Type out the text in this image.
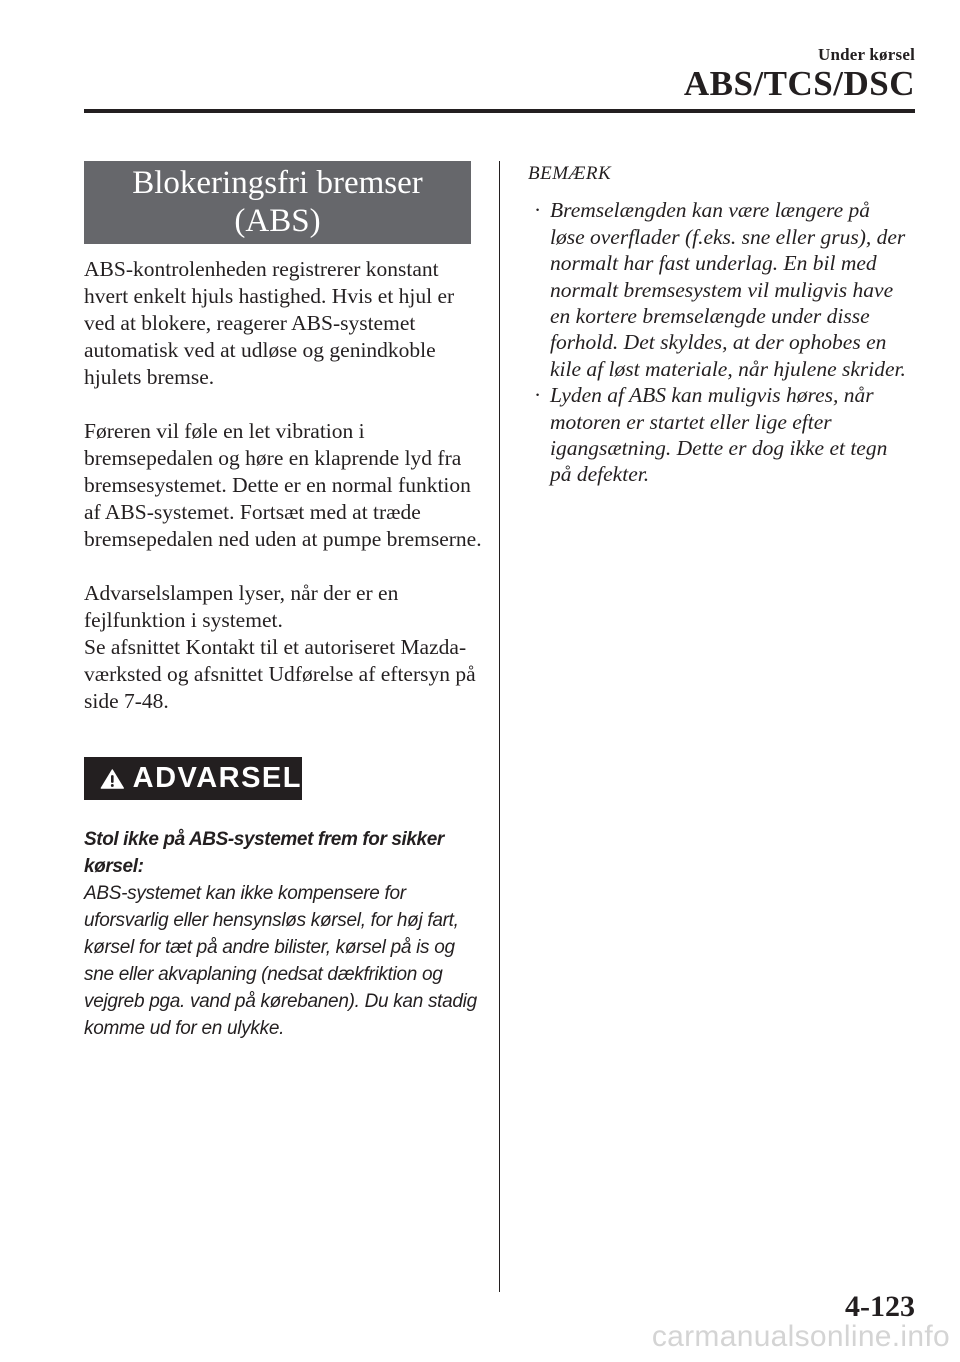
Under kørsel
ABS/TCS/DSC
Blokeringsfri bremser
(ABS)

ABS-kontrolenheden registrerer konstant hvert enkelt hjuls hastighed. Hvis et hjul er ved at blokere, reagerer ABS-systemet automatisk ved at udløse og genindkoble hjulets bremse.

Føreren vil føle en let vibration i bremsepedalen og høre en klaprende lyd fra bremsesystemet. Dette er en normal funktion af ABS-systemet. Fortsæt med at træde bremsepedalen ned uden at pumpe bremserne.

Advarselslampen lyser, når der er en fejlfunktion i systemet.

Se afsnittet Kontakt til et autoriseret Mazda-værksted og afsnittet Udførelse af eftersyn på side 7-48.

ADVARSEL
Stol ikke på ABS-systemet frem for sikker kørsel:
ABS-systemet kan ikke kompensere for uforsvarlig eller hensynsløs kørsel, for høj fart, kørsel for tæt på andre bilister, kørsel på is og sne eller akvaplaning (nedsat dækfriktion og vejgreb pga. vand på kørebanen). Du kan stadig komme ud for en ulykke.
BEMÆRK
· Bremselængden kan være længere på løse overflader (f.eks. sne eller grus), der normalt har fast underlag. En bil med normalt bremsesystem vil muligvis have en kortere bremselængde under disse forhold. Det skyldes, at der ophobes en kile af løst materiale, når hjulene skrider.
· Lyden af ABS kan muligvis høres, når motoren er startet eller lige efter igangsætning. Dette er dog ikke et tegn på defekter.
4-123
carmanualsonline.info
